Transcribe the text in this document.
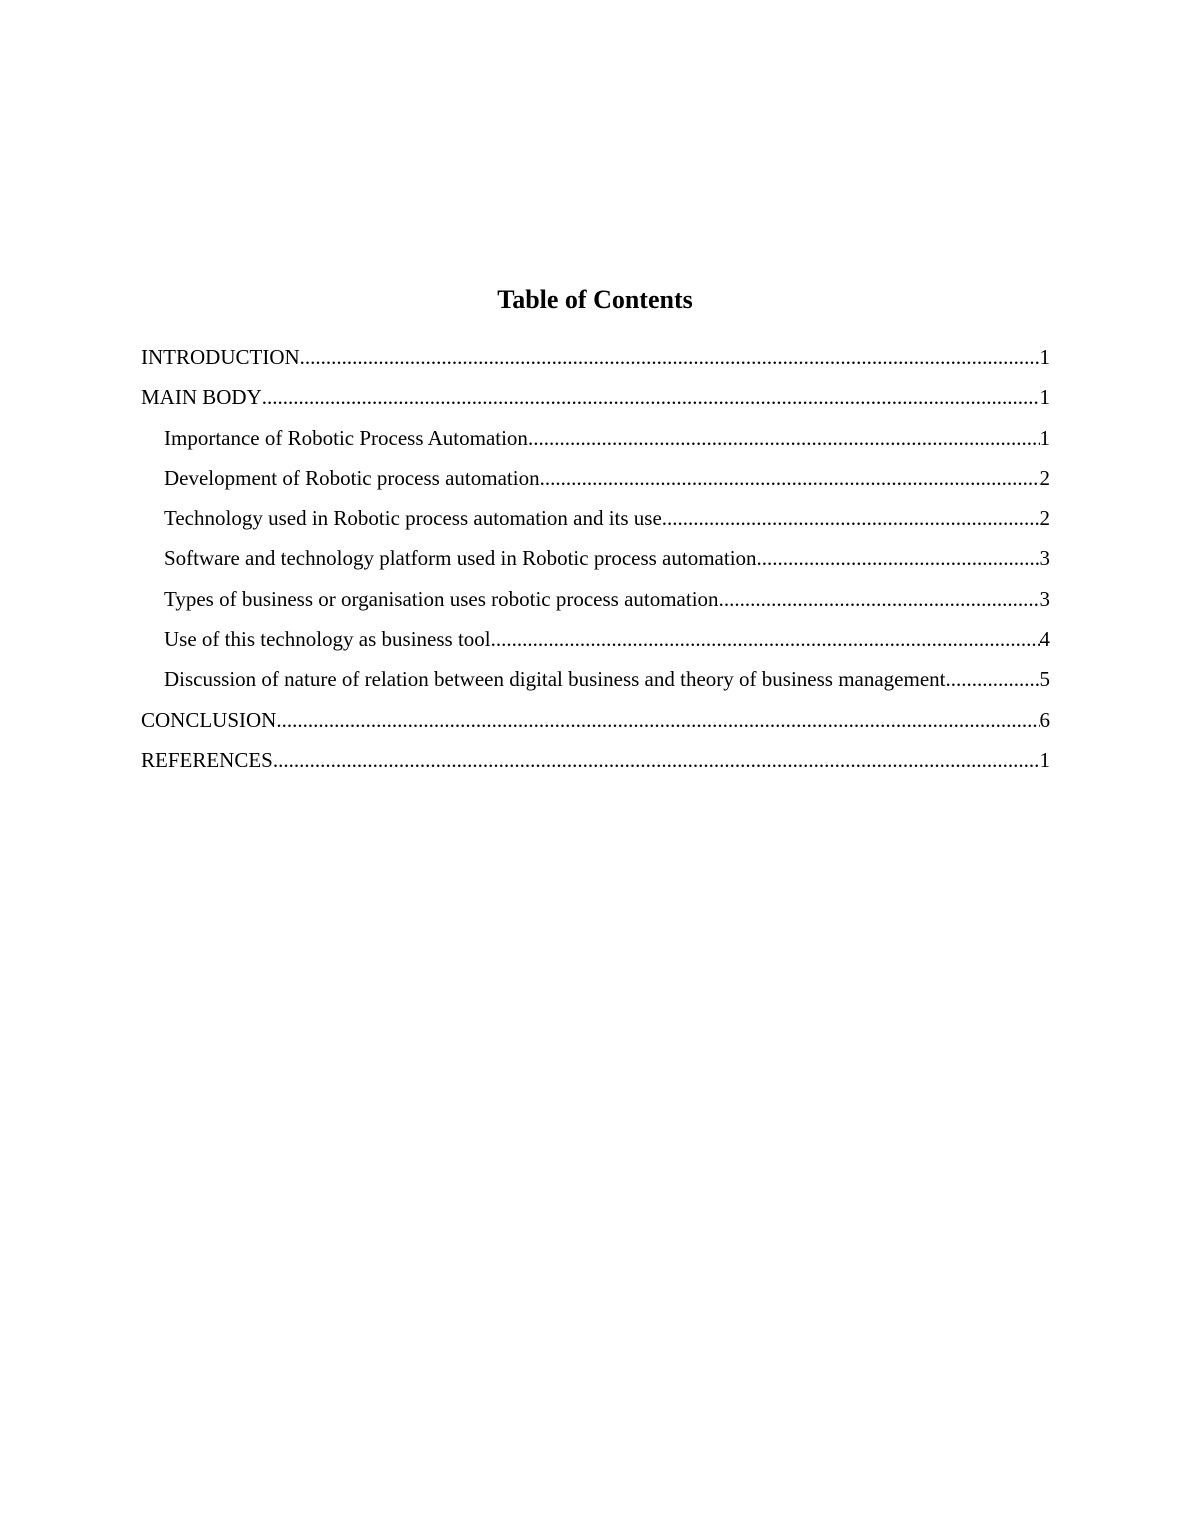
Table of Contents
INTRODUCTION .....	1
MAIN BODY .....	1
Importance of Robotic Process Automation .....	1
Development of Robotic process automation .....	2
Technology used in Robotic process automation and its use .....	2
Software and technology platform used in Robotic process automation .....	3
Types of business or organisation uses robotic process automation .....	3
Use of this technology as business tool .....	4
Discussion of nature of relation between digital business and theory of business management .....	5
CONCLUSION .....	6
REFERENCES .....	1
